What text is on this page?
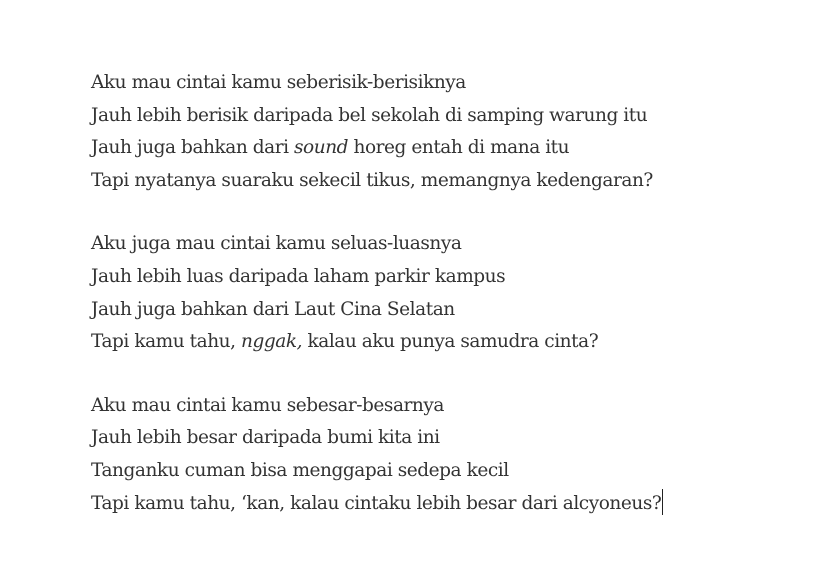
Aku mau cintai kamu seberisik-berisiknya
Jauh lebih berisik daripada bel sekolah di samping warung itu
Jauh juga bahkan dari sound horeg entah di mana itu
Tapi nyatanya suaraku sekecil tikus, memangnya kedengaran?
Aku juga mau cintai kamu seluas-luasnya
Jauh lebih luas daripada laham parkir kampus
Jauh juga bahkan dari Laut Cina Selatan
Tapi kamu tahu, nggak, kalau aku punya samudra cinta?
Aku mau cintai kamu sebesar-besarnya
Jauh lebih besar daripada bumi kita ini
Tanganku cuman bisa menggapai sedepa kecil
Tapi kamu tahu, ‘kan, kalau cintaku lebih besar dari alcyoneus?
